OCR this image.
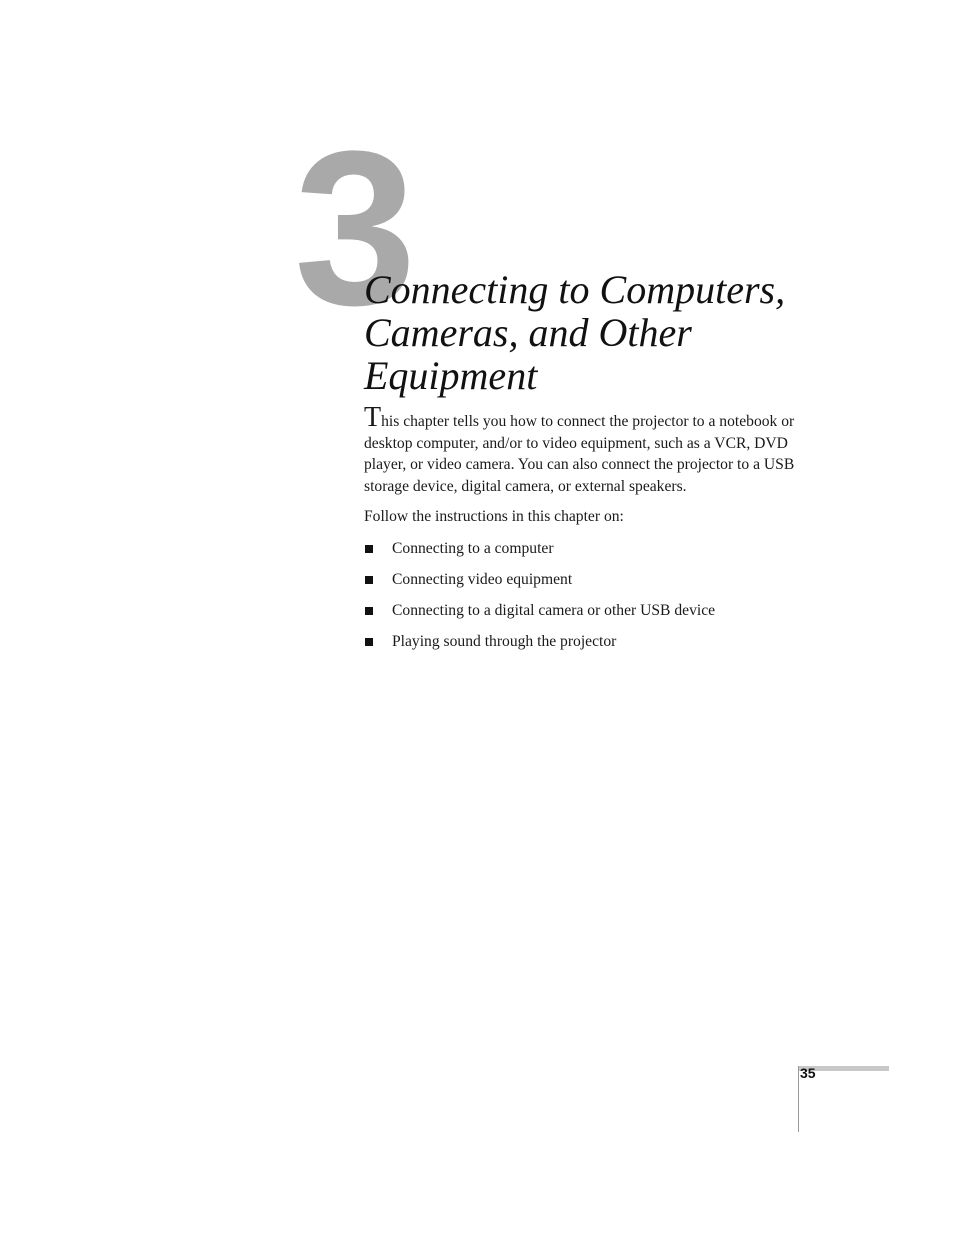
3
Connecting to Computers,
Cameras, and Other
Equipment

This chapter tells you how to connect the projector to a notebook or desktop computer, and/or to video equipment, such as a VCR, DVD player, or video camera. You can also connect the projector to a USB storage device, digital camera, or external speakers.

Follow the instructions in this chapter on:

Connecting to a computer
Connecting video equipment
Connecting to a digital camera or other USB device
Playing sound through the projector
35
